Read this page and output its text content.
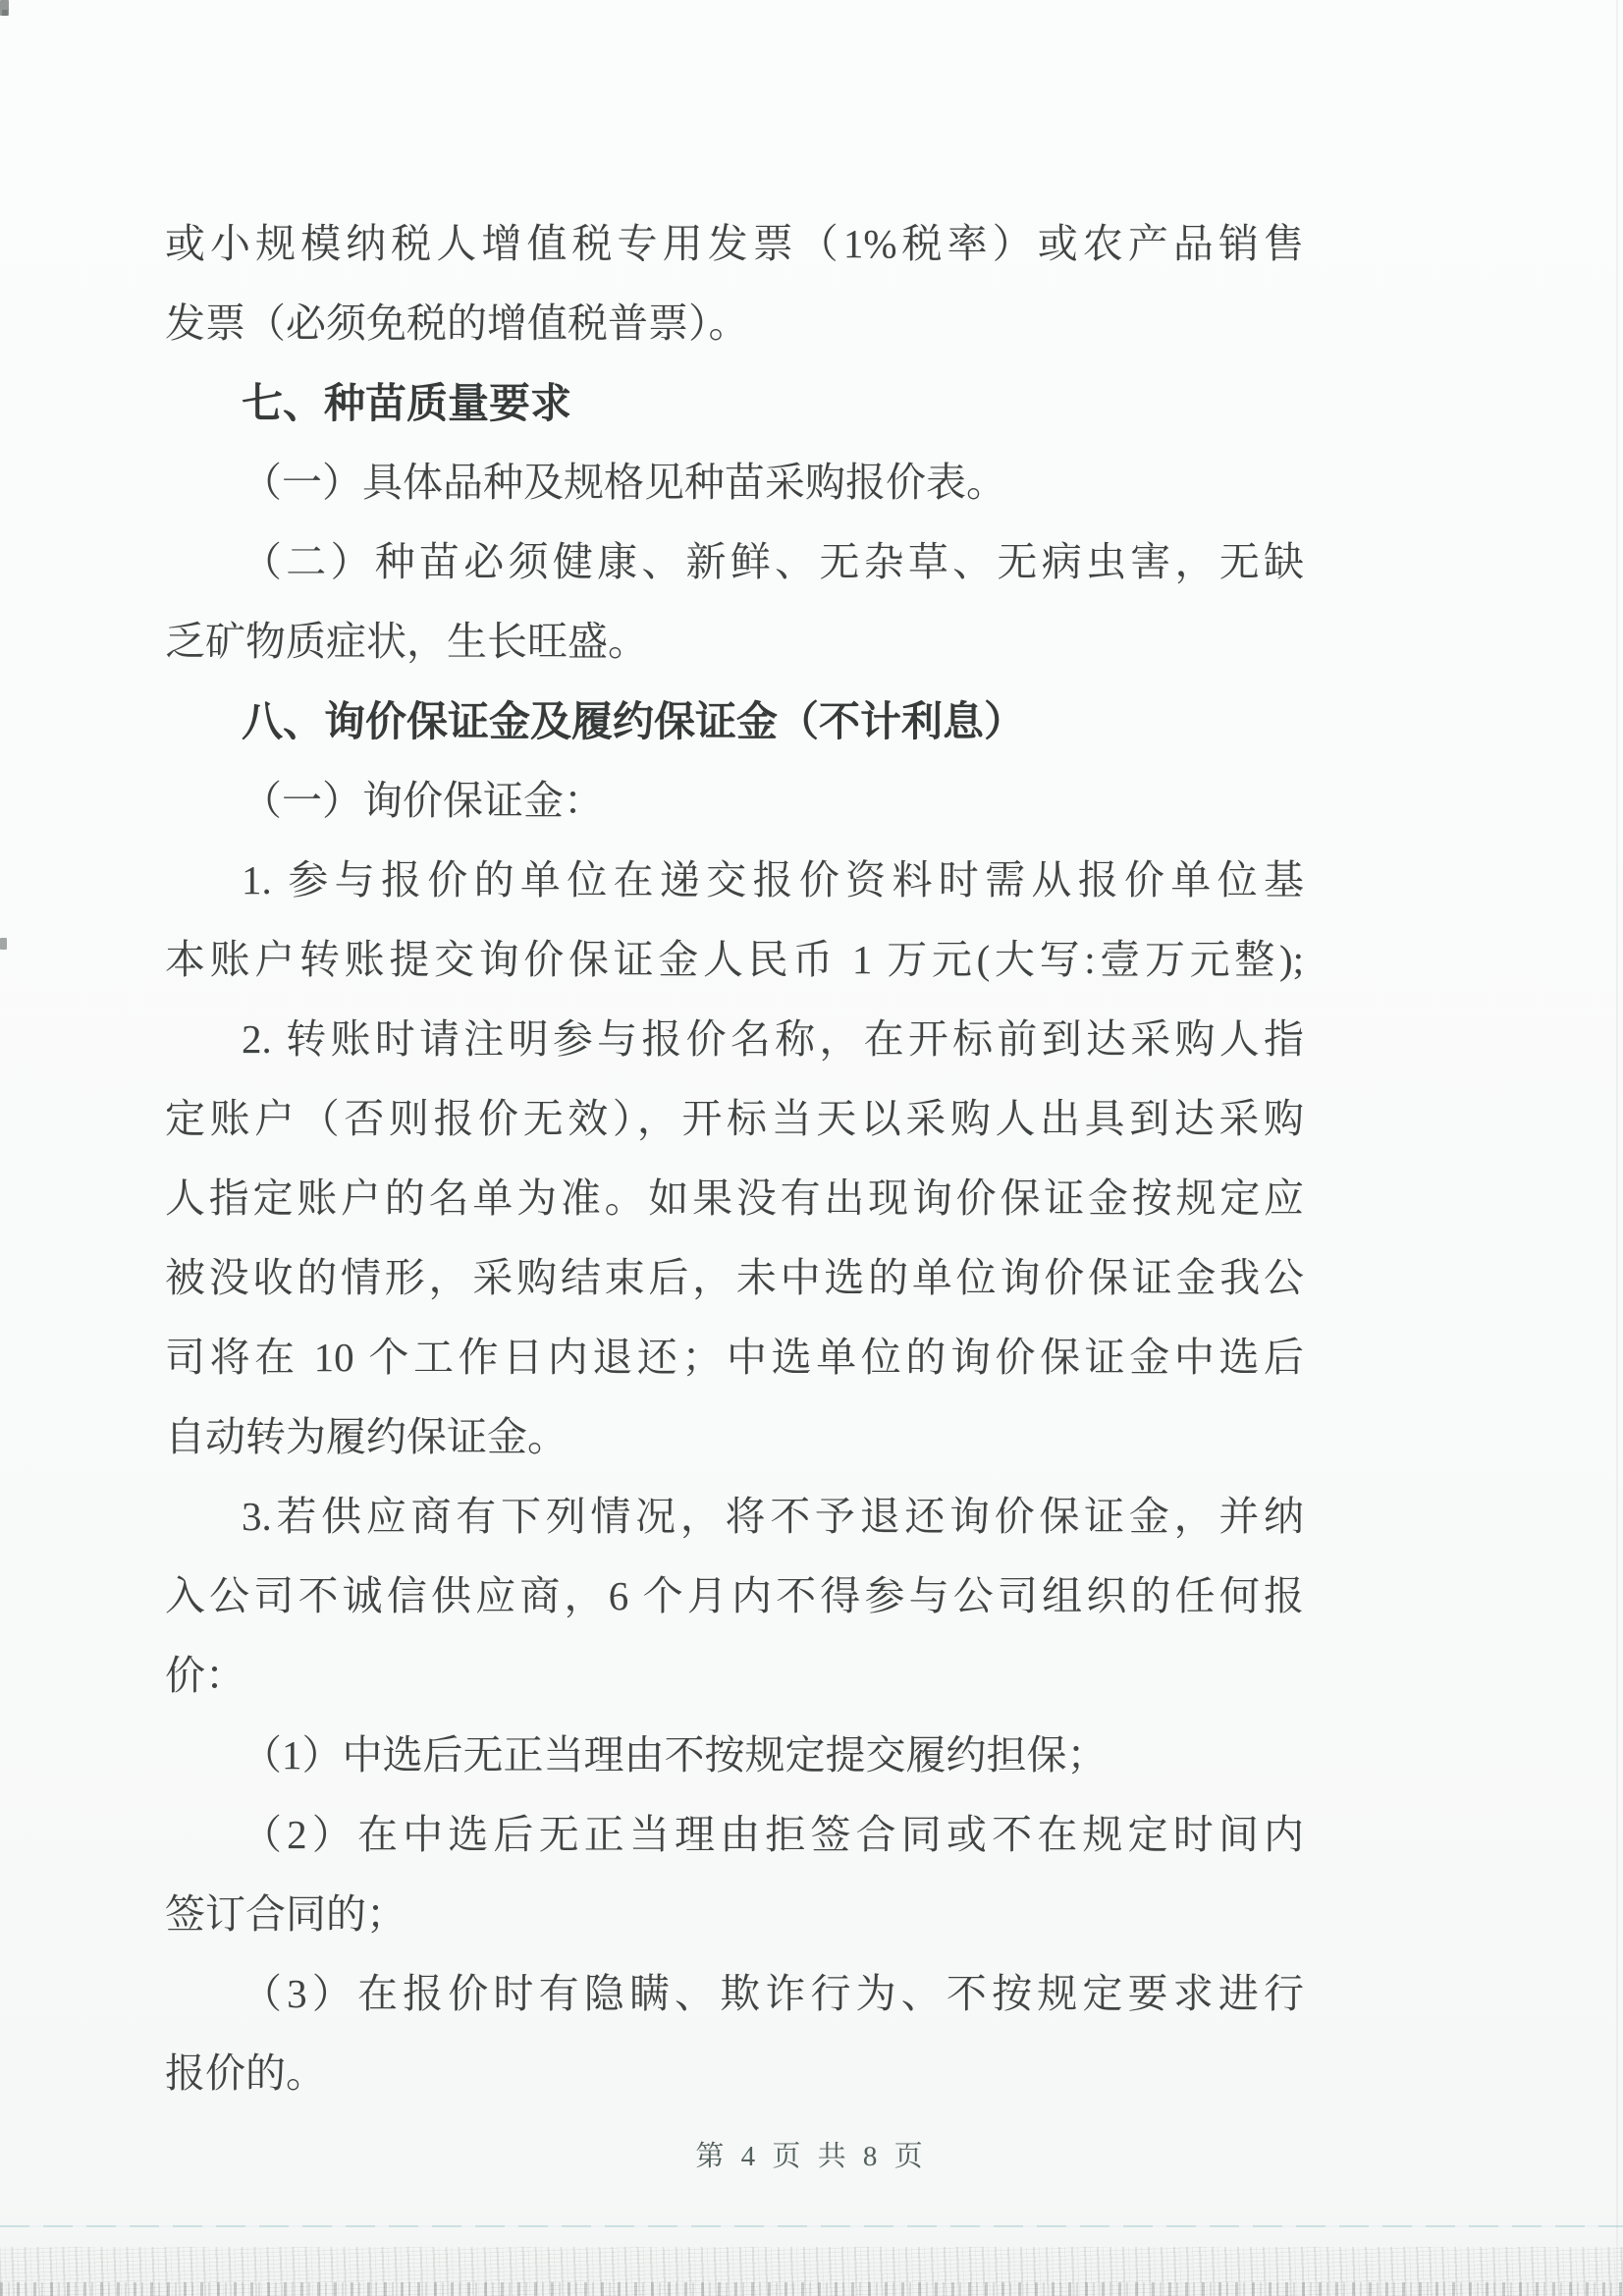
或小规模纳税人增值税专用发票（1%税率）或农产品销售
发票（必须免税的增值税普票）。
七、种苗质量要求
（一）具体品种及规格见种苗采购报价表。
（二）种苗必须健康、新鲜、无杂草、无病虫害，无缺
乏矿物质症状，生长旺盛。
八、询价保证金及履约保证金（不计利息）
（一）询价保证金：
1. 参与报价的单位在递交报价资料时需从报价单位基
本账户转账提交询价保证金人民币 1 万元(大写:壹万元整);
2. 转账时请注明参与报价名称，在开标前到达采购人指
定账户（否则报价无效），开标当天以采购人出具到达采购
人指定账户的名单为准。如果没有出现询价保证金按规定应
被没收的情形，采购结束后，未中选的单位询价保证金我公
司将在 10 个工作日内退还；中选单位的询价保证金中选后
自动转为履约保证金。
3.若供应商有下列情况，将不予退还询价保证金，并纳
入公司不诚信供应商，6 个月内不得参与公司组织的任何报
价：
（1）中选后无正当理由不按规定提交履约担保；
（2）在中选后无正当理由拒签合同或不在规定时间内
签订合同的；
（3）在报价时有隐瞒、欺诈行为、不按规定要求进行
报价的。
第 4 页 共 8 页
